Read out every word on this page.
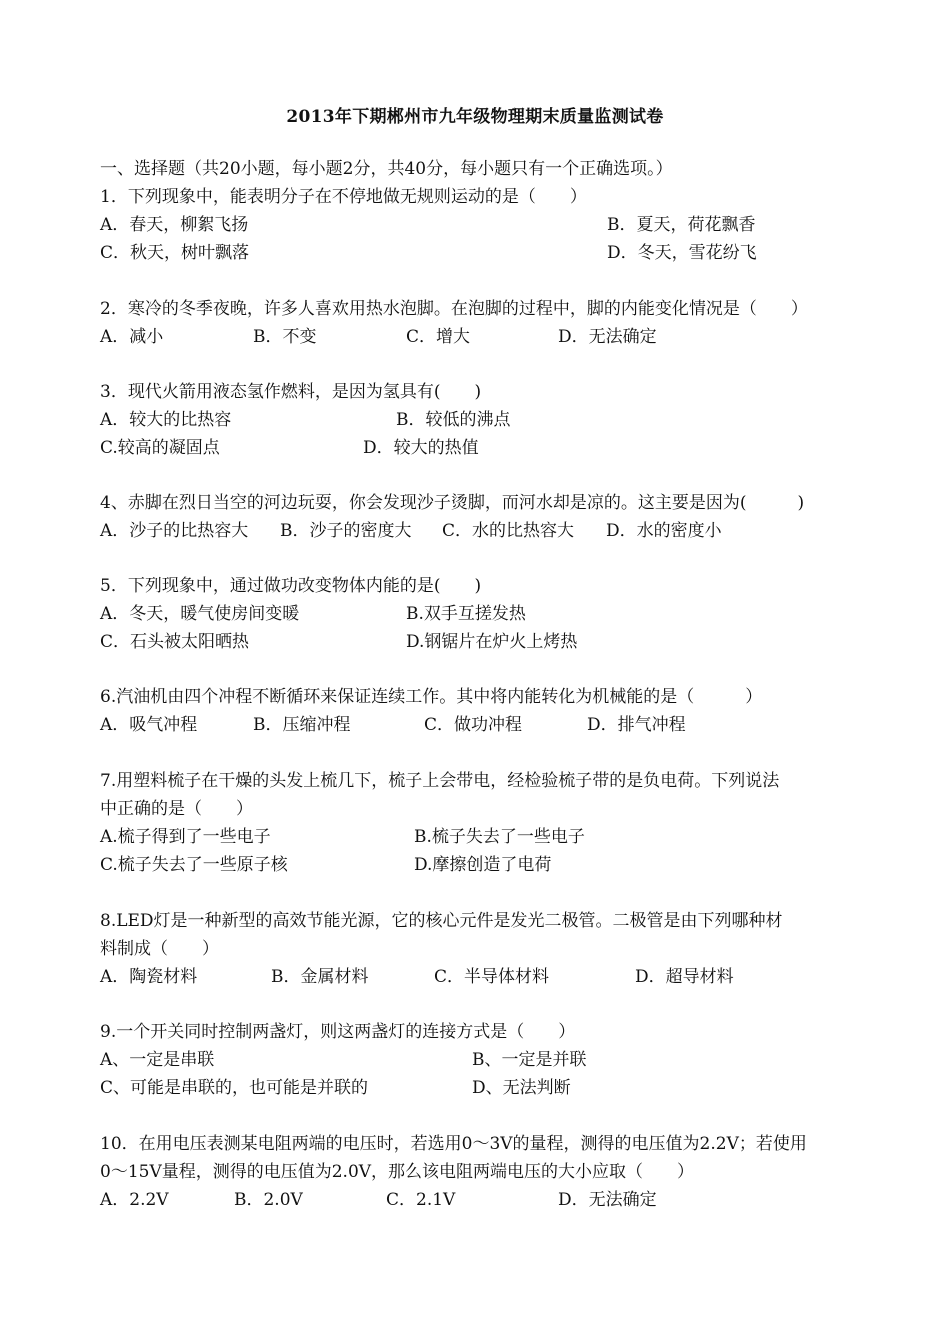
2013年下期郴州市九年级物理期末质量监测试卷
一、选择题（共20小题，每小题2分，共40分，每小题只有一个正确选项。）
1．下列现象中，能表明分子在不停地做无规则运动的是（　　）
A．春天，柳絮飞扬	B．夏天，荷花飘香
C．秋天，树叶飘落	D．冬天，雪花纷飞
2．寒冷的冬季夜晚，许多人喜欢用热水泡脚。在泡脚的过程中，脚的内能变化情况是（　　）
A．减小	B．不变	C．增大	D．无法确定
3．现代火箭用液态氢作燃料，是因为氢具有(　　)
A．较大的比热容	B．较低的沸点
C.较高的凝固点	D．较大的热值
4、赤脚在烈日当空的河边玩耍，你会发现沙子烫脚，而河水却是凉的。这主要是因为(　　　)
A．沙子的比热容大 B．沙子的密度大 C．水的比热容大 D．水的密度小
5．下列现象中，通过做功改变物体内能的是(　　)
A．冬天，暖气使房间变暖	B.双手互搓发热
C．石头被太阳晒热	D.钢锯片在炉火上烤热
6.汽油机由四个冲程不断循环来保证连续工作。其中将内能转化为机械能的是（　　　）
A．吸气冲程	B．压缩冲程	C．做功冲程	D．排气冲程
7.用塑料梳子在干燥的头发上梳几下，梳子上会带电，经检验梳子带的是负电荷。下列说法
中正确的是（　　）
A.梳子得到了一些电子	B.梳子失去了一些电子
C.梳子失去了一些原子核	D.摩擦创造了电荷
8.LED灯是一种新型的高效节能光源，它的核心元件是发光二极管。二极管是由下列哪种材
料制成（　　）
A．陶瓷材料	B．金属材料	C．半导体材料	D．超导材料
9.一个开关同时控制两盏灯，则这两盏灯的连接方式是（　　）
A、一定是串联	B、一定是并联
C、可能是串联的，也可能是并联的	D、无法判断
10．在用电压表测某电阻两端的电压时，若选用0～3V的量程，测得的电压值为2.2V；若使用
0～15V量程，测得的电压值为2.0V，那么该电阻两端电压的大小应取（　　）
A．2.2V	B．2.0V	C．2.1V	D．无法确定
